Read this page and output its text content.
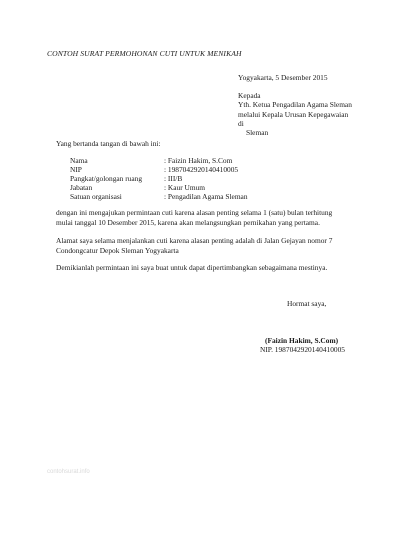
CONTOH SURAT PERMOHONAN CUTI UNTUK MENIKAH
Yogyakarta, 5 Desember 2015
Kepada
Yth. Ketua Pengadilan Agama Sleman
melalui Kepala Urusan Kepegawaian
di
Sleman
Yang bertanda tangan di bawah ini:
Nama	: Faizin Hakim, S.Com
NIP	: 198704292014041000​5
Pangkat/golongan ruang	: III/B
Jabatan	: Kaur Umum
Satuan organisasi	: Pengadilan Agama Sleman
dengan ini mengajukan permintaan cuti karena alasan penting selama 1 (satu) bulan terhitung mulai tanggal 10 Desember 2015, karena akan melangsungkan pernikahan yang pertama.
Alamat saya selama menjalankan cuti karena alasan penting adalah di Jalan Gejayan nomor 7 Condongcatur Depok Sleman Yogyakarta
Demikianlah permintaan ini saya buat untuk dapat dipertimbangkan sebagaimana mestinya.
Hormat saya,
(Faizin Hakim, S.Com)
NIP. 198704292014041000​5
contohsurat.info
